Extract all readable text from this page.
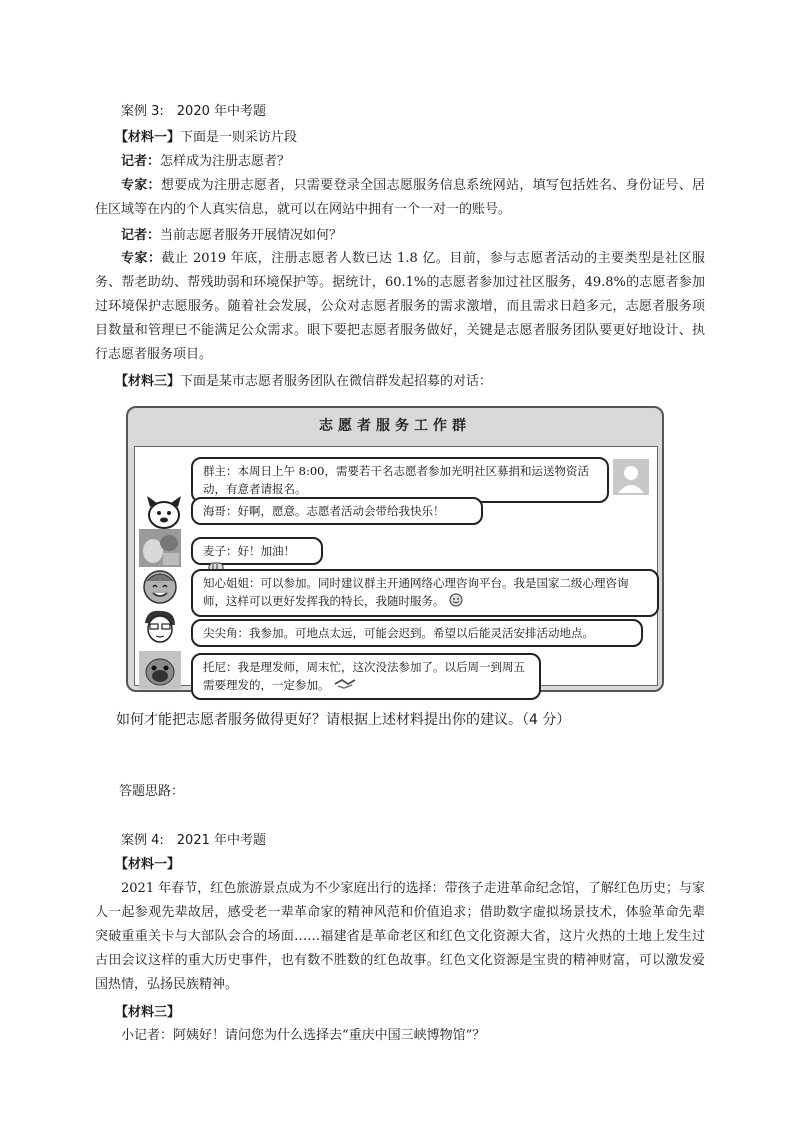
案例 3:　2020 年中考题
【材料一】下面是一则采访片段
记者：怎样成为注册志愿者？
专家：想要成为注册志愿者，只需要登录全国志愿服务信息系统网站，填写包括姓名、身份证号、居住区域等在内的个人真实信息，就可以在网站中拥有一个一对一的账号。
记者：当前志愿者服务开展情况如何？
专家：截止 2019 年底，注册志愿者人数已达 1.8 亿。目前，参与志愿者活动的主要类型是社区服务、帮老助幼、帮残助弱和环境保护等。据统计，60.1%的志愿者参加过社区服务，49.8%的志愿者参加过环境保护志愿服务。随着社会发展，公众对志愿者服务的需求激增，而且需求日趋多元，志愿者服务项目数量和管理已不能满足公众需求。眼下要把志愿者服务做好，关键是志愿者服务团队要更好地设计、执行志愿者服务项目。
【材料三】下面是某市志愿者服务团队在微信群发起招募的对话：
志愿者服务工作群
群主：本周日上午 8:00，需要若干名志愿者参加光明社区募捐和运送物资活动，有意者请报名。
海哥：好啊，愿意。志愿者活动会带给我快乐！
麦子：好！加油！
知心姐姐：可以参加。同时建议群主开通网络心理咨询平台。我是国家二级心理咨询师，这样可以更好发挥我的特长，我随时服务。
尖尖角：我参加。可地点太远，可能会迟到。希望以后能灵活安排活动地点。
托尼：我是理发师，周末忙，这次没法参加了。以后周一到周五需要理发的，一定参加。
如何才能把志愿者服务做得更好？请根据上述材料提出你的建议。（4 分）
答题思路：
案例 4:　2021 年中考题
【材料一】
2021 年春节，红色旅游景点成为不少家庭出行的选择：带孩子走进革命纪念馆，了解红色历史；与家人一起参观先辈故居，感受老一辈革命家的精神风范和价值追求；借助数字虚拟场景技术，体验革命先辈突破重重关卡与大部队会合的场面……福建省是革命老区和红色文化资源大省，这片火热的土地上发生过古田会议这样的重大历史事件，也有数不胜数的红色故事。红色文化资源是宝贵的精神财富，可以激发爱国热情，弘扬民族精神。
【材料三】
小记者：阿姨好！请问您为什么选择去“重庆中国三峡博物馆”？
